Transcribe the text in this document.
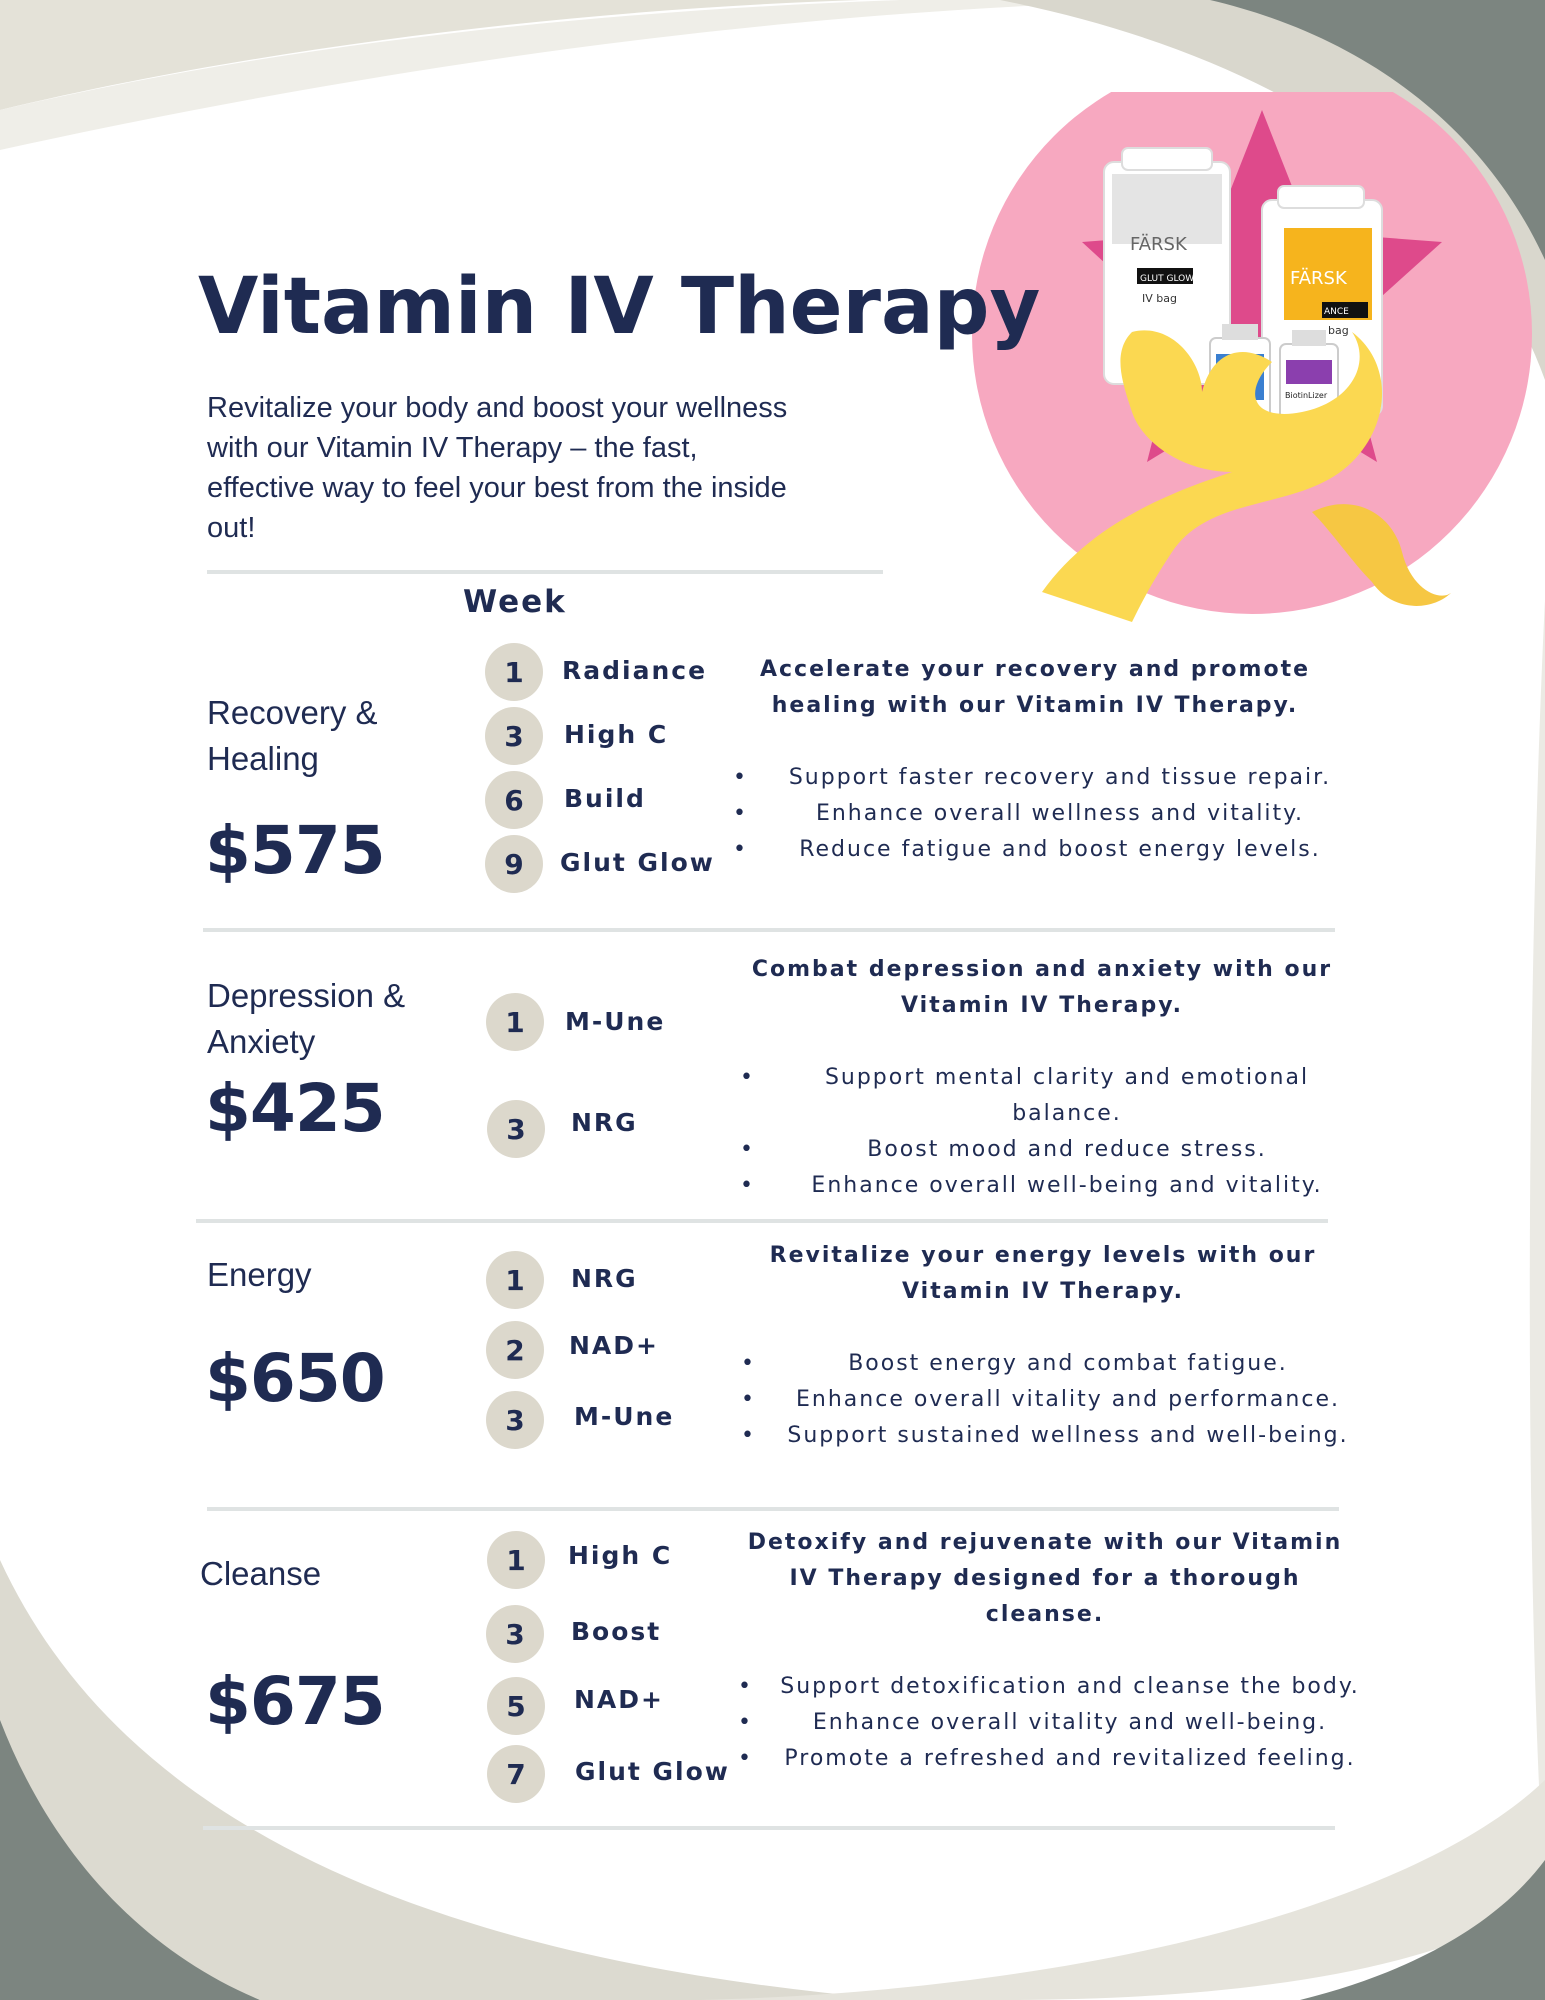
FÄRSK
GLUT GLOW
IV bag
FÄRSK
ANCE
bag
BiotinLizer
Vitamin IV Therapy
Revitalize your body and boost your wellness with our Vitamin IV Therapy – the fast, effective way to feel your best from the inside out!
Week
Recovery & Healing
$575
1	Radiance
3	High C
6	Build
9	Glut Glow

Accelerate your recovery and promote healing with our Vitamin IV Therapy.

• Support faster recovery and tissue repair.
•	Enhance overall wellness and vitality.
• Reduce fatigue and boost energy levels.
Depression & Anxiety
$425
1	M-Une
3	NRG

Combat depression and anxiety with our Vitamin IV Therapy.

•	Support mental clarity and emotional balance.
•	Boost mood and reduce stress.
•	Enhance overall well-being and vitality.
Energy
$650
1	NRG
2	NAD+
3	M-Une

Revitalize your energy levels with our Vitamin IV Therapy.

•	Boost energy and combat fatigue.
• Enhance overall vitality and performance.
• Support sustained wellness and well-being.
Cleanse
$675
1	High C
3	Boost
5	NAD+
7	Glut Glow

Detoxify and rejuvenate with our Vitamin IV Therapy designed for a thorough cleanse.

• Support detoxification and cleanse the body.
•	Enhance overall vitality and well-being.
• Promote a refreshed and revitalized feeling.
